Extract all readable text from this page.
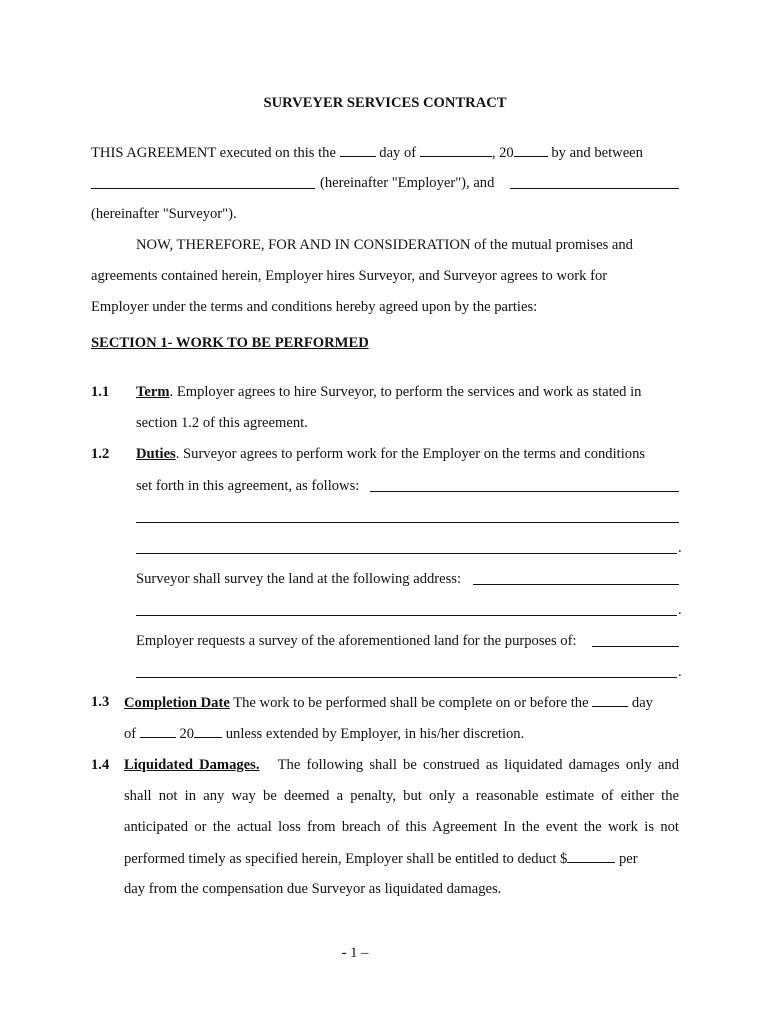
SURVEYER SERVICES CONTRACT
THIS AGREEMENT executed on this the	day of	, 20	by and between
(hereinafter "Employer"), and
(hereinafter "Surveyor").
NOW, THEREFORE, FOR AND IN CONSIDERATION of the mutual promises and
agreements contained herein, Employer hires Surveyor, and Surveyor agrees to work for
Employer under the terms and conditions hereby agreed upon by the parties:
SECTION 1- WORK TO BE PERFORMED
1.1 Term. Employer agrees to hire Surveyor, to perform the services and work as stated in
section 1.2 of this agreement.
1.2 Duties. Surveyor agrees to perform work for the Employer on the terms and conditions
set forth in this agreement, as follows:
.
Surveyor shall survey the land at the following address:
.
Employer requests a survey of the aforementioned land for the purposes of:
.
1.3 Completion Date The work to be performed shall be complete on or before the	day
of	20 unless extended by Employer, in his/her discretion.
1.4 Liquidated Damages. The following shall be construed as liquidated damages only and
shall not in any way be deemed a penalty, but only a reasonable estimate of either the
anticipated or the actual loss from breach of this Agreement In the event the work is not
performed timely as specified herein, Employer shall be entitled to deduct $	per
day from the compensation due Surveyor as liquidated damages.
- 1 –
